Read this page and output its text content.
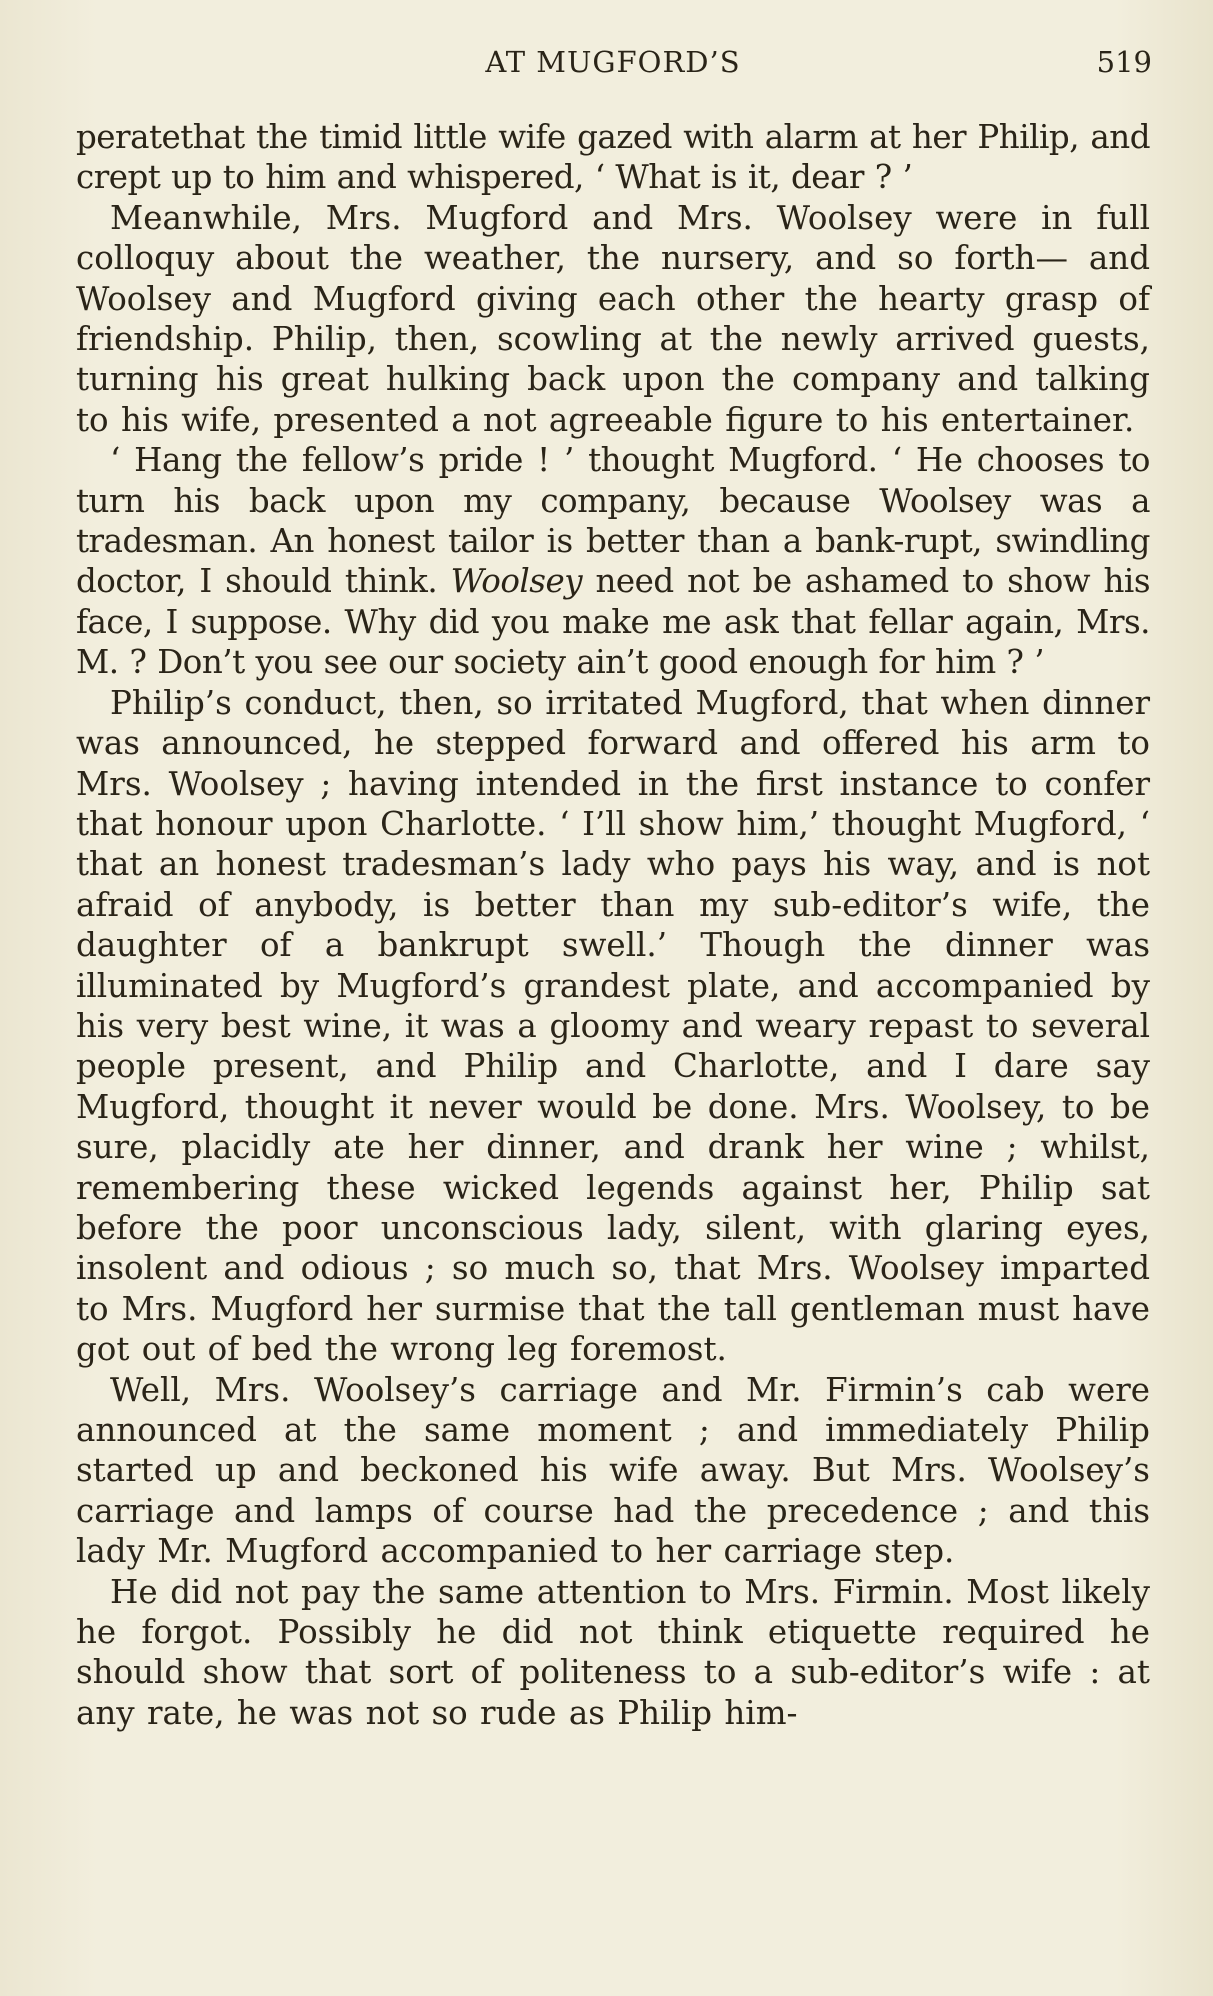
AT MUGFORD’S	519

peratethat the timid little wife gazed with alarm at her Philip, and crept up to him and whispered, ‘ What is it, dear ? ’

Meanwhile, Mrs. Mugford and Mrs. Woolsey were in full colloquy about the weather, the nursery, and so forth— and Woolsey and Mugford giving each other the hearty grasp of friendship. Philip, then, scowling at the newly arrived guests, turning his great hulking back upon the company and talking to his wife, presented a not agreeable figure to his entertainer.

‘ Hang the fellow’s pride ! ’ thought Mugford. ‘ He chooses to turn his back upon my company, because Woolsey was a tradesman. An honest tailor is better than a bank-rupt, swindling doctor, I should think. Woolsey need not be ashamed to show his face, I suppose. Why did you make me ask that fellar again, Mrs. M. ? Don’t you see our society ain’t good enough for him ? ’

Philip’s conduct, then, so irritated Mugford, that when dinner was announced, he stepped forward and offered his arm to Mrs. Woolsey ; having intended in the first instance to confer that honour upon Charlotte. ‘ I’ll show him,’ thought Mugford, ‘ that an honest tradesman’s lady who pays his way, and is not afraid of anybody, is better than my sub-editor’s wife, the daughter of a bankrupt swell.’ Though the dinner was illuminated by Mugford’s grandest plate, and accompanied by his very best wine, it was a gloomy and weary repast to several people present, and Philip and Charlotte, and I dare say Mugford, thought it never would be done. Mrs. Woolsey, to be sure, placidly ate her dinner, and drank her wine ; whilst, remembering these wicked legends against her, Philip sat before the poor unconscious lady, silent, with glaring eyes, insolent and odious ; so much so, that Mrs. Woolsey imparted to Mrs. Mugford her surmise that the tall gentleman must have got out of bed the wrong leg foremost.

Well, Mrs. Woolsey’s carriage and Mr. Firmin’s cab were announced at the same moment ; and immediately Philip started up and beckoned his wife away. But Mrs. Woolsey’s carriage and lamps of course had the precedence ; and this lady Mr. Mugford accompanied to her carriage step.

He did not pay the same attention to Mrs. Firmin. Most likely he forgot. Possibly he did not think etiquette required he should show that sort of politeness to a sub-editor’s wife : at any rate, he was not so rude as Philip him-
